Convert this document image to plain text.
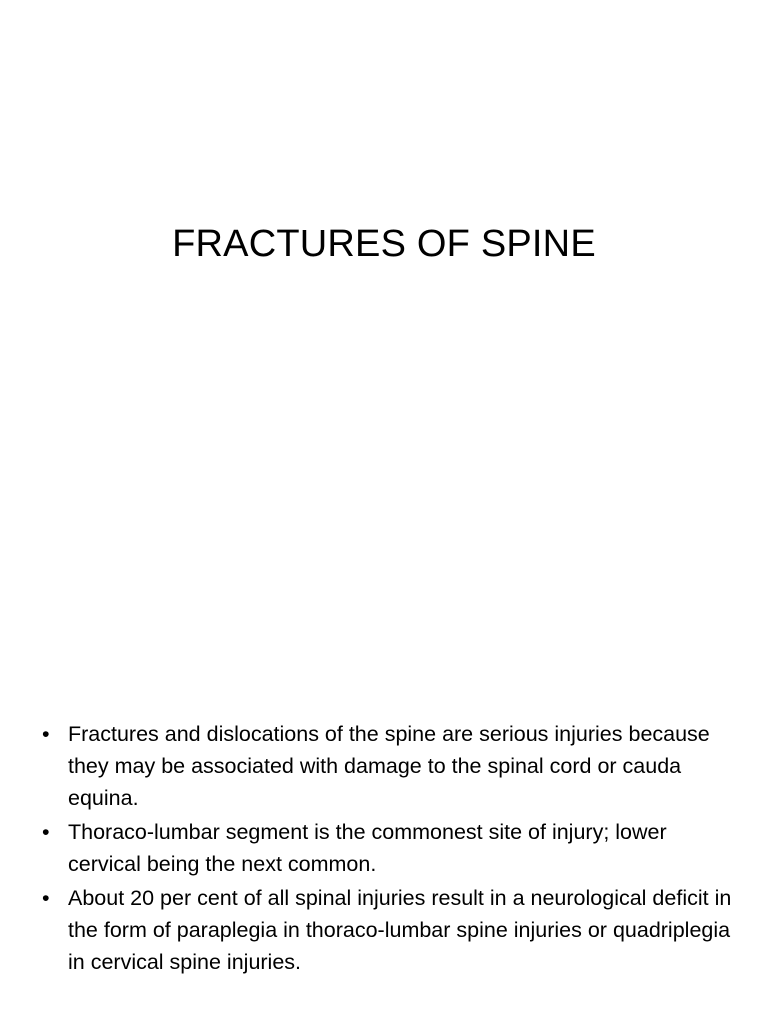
FRACTURES OF SPINE
• Fractures and dislocations of the spine are serious injuries because they may be associated with damage to the spinal cord or cauda equina.
• Thoraco-lumbar segment is the commonest site of injury; lower cervical being the next common.
• About 20 per cent of all spinal injuries result in a neurological deficit in the form of paraplegia in thoraco-lumbar spine injuries or quadriplegia in cervical spine injuries.
